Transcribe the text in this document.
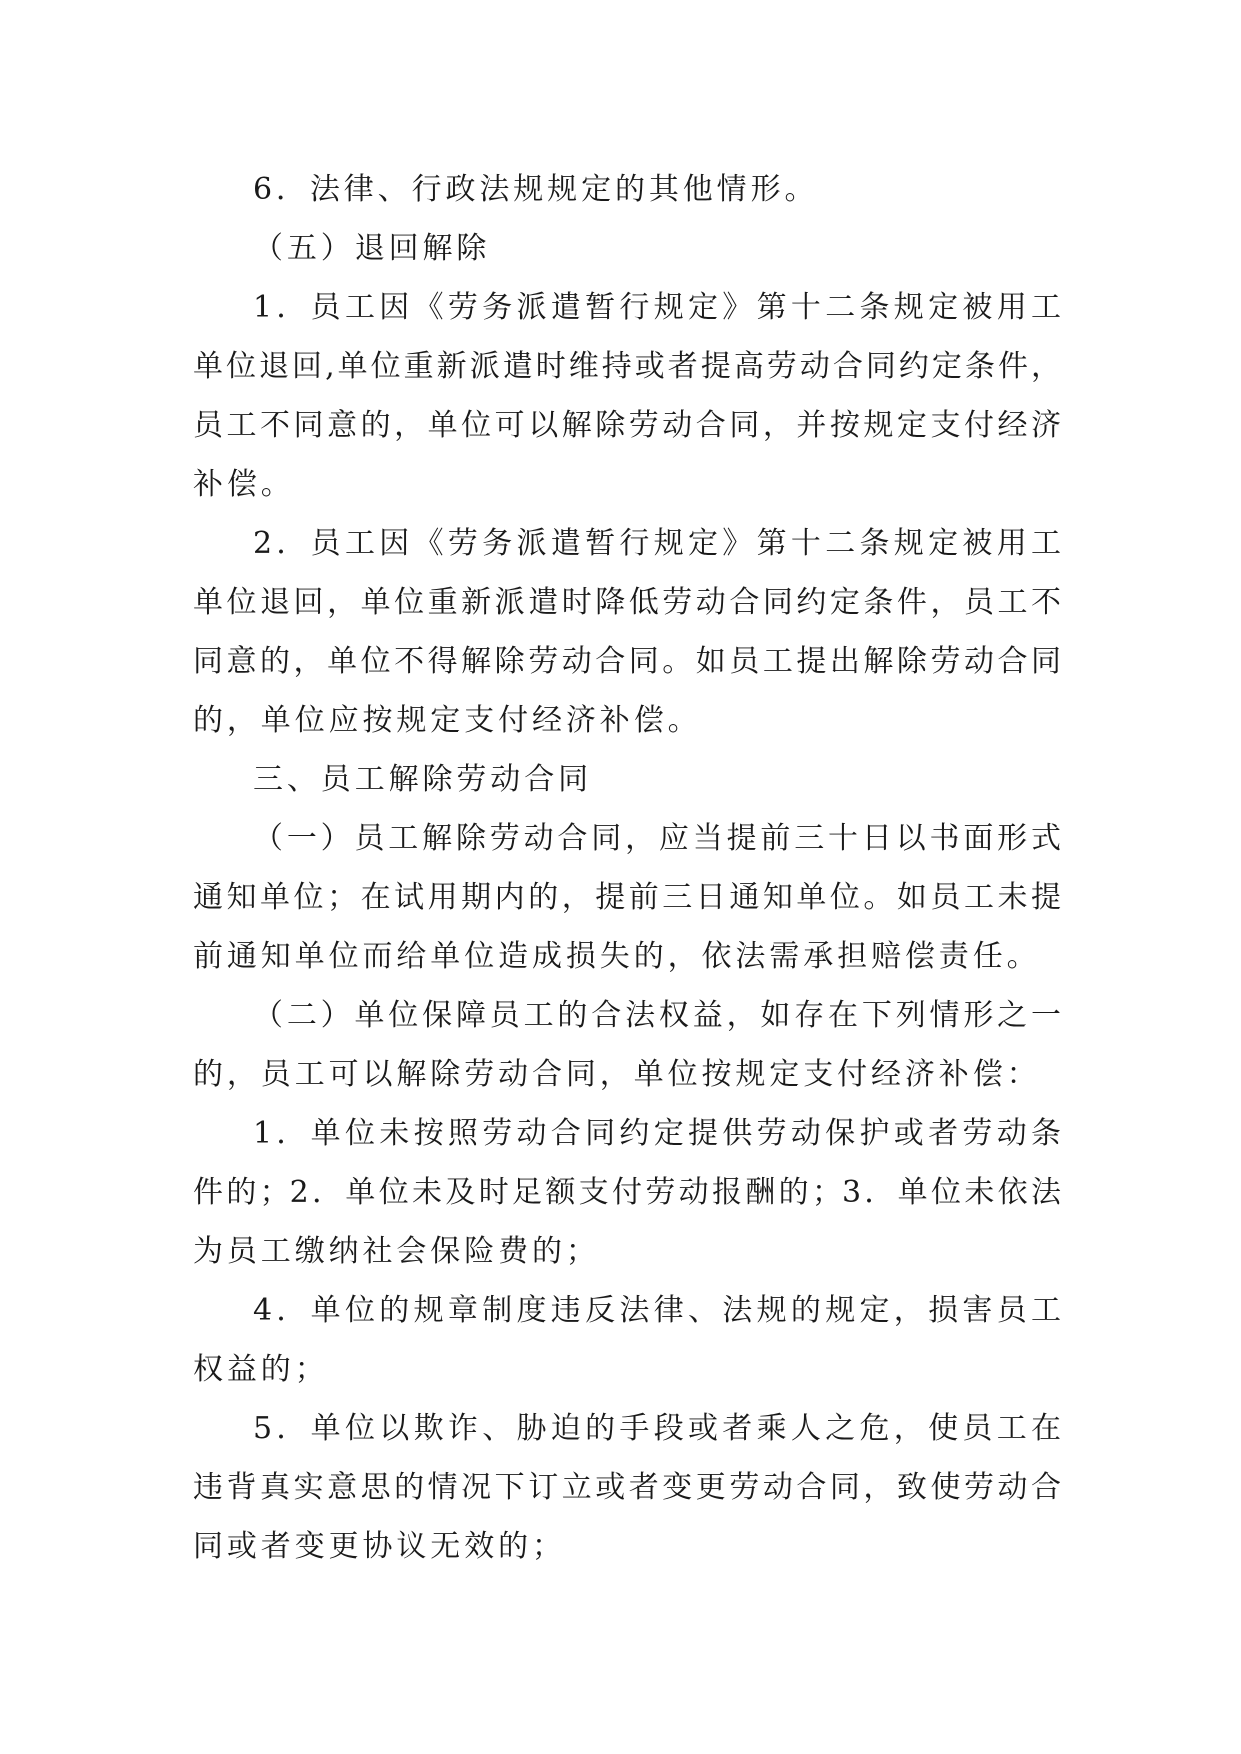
6．法律、行政法规规定的其他情形。
（五）退回解除
1．员工因《劳务派遣暂行规定》第十二条规定被用工
单位退回,单位重新派遣时维持或者提高劳动合同约定条件，
员工不同意的，单位可以解除劳动合同，并按规定支付经济
补偿。
2．员工因《劳务派遣暂行规定》第十二条规定被用工
单位退回，单位重新派遣时降低劳动合同约定条件，员工不
同意的，单位不得解除劳动合同。如员工提出解除劳动合同
的，单位应按规定支付经济补偿。
三、员工解除劳动合同
（一）员工解除劳动合同，应当提前三十日以书面形式
通知单位；在试用期内的，提前三日通知单位。如员工未提
前通知单位而给单位造成损失的，依法需承担赔偿责任。
（二）单位保障员工的合法权益，如存在下列情形之一
的，员工可以解除劳动合同，单位按规定支付经济补偿：
1．单位未按照劳动合同约定提供劳动保护或者劳动条
件的；2．单位未及时足额支付劳动报酬的；3．单位未依法
为员工缴纳社会保险费的；
4．单位的规章制度违反法律、法规的规定，损害员工
权益的；
5．单位以欺诈、胁迫的手段或者乘人之危，使员工在
违背真实意思的情况下订立或者变更劳动合同，致使劳动合
同或者变更协议无效的；
